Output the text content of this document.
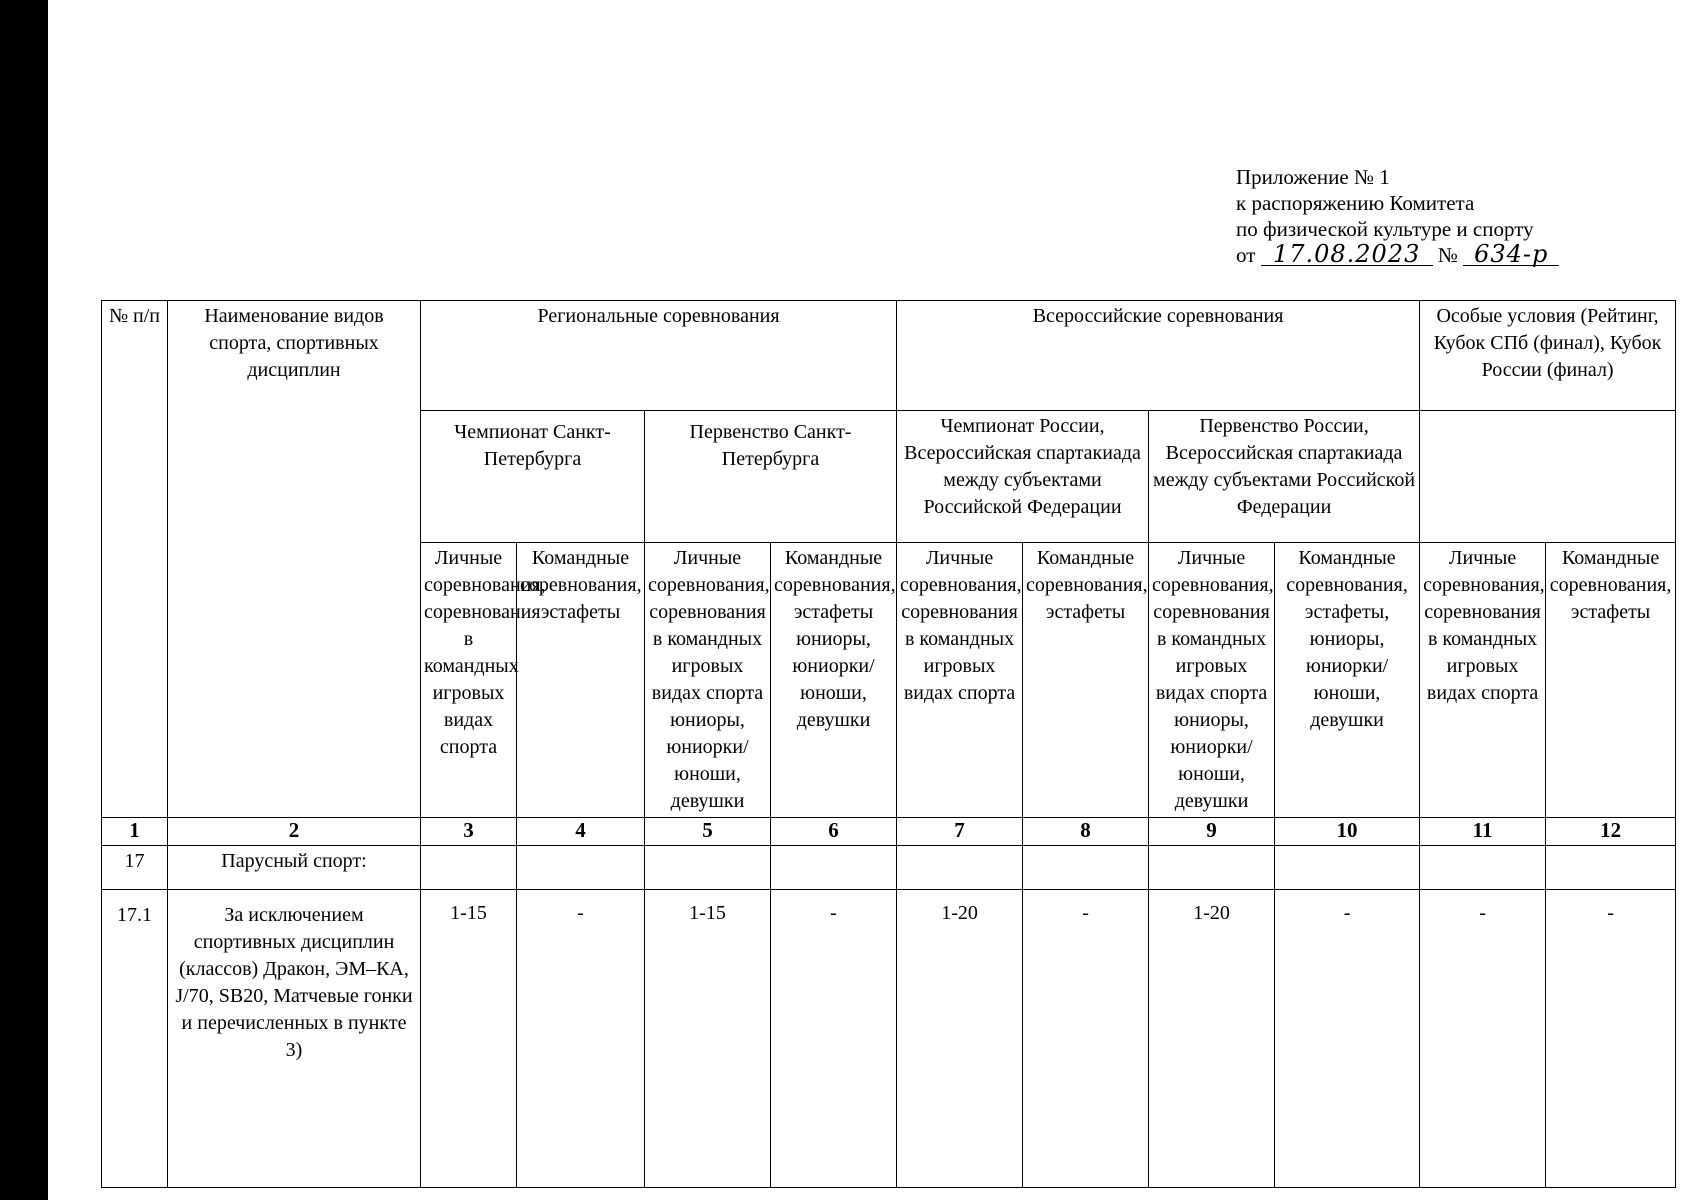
Приложение № 1
к распоряжению Комитета
по физической культуре и спорту
от 17.08.2023 № 634-р
№ п/п	Наименование видов спорта, спортивных дисциплин	Региональные соревнования				Всероссийские соревнования				Особые условия (Рейтинг, Кубок СПб (финал), Кубок России (финал)	
		Чемпионат Санкт-Петербурга		Первенство Санкт-Петербурга		Чемпионат России, Всероссийская спартакиада между субъектами Российской Федерации		Первенство России, Всероссийская спартакиада между субъектами Российской Федерации			
		Личные соревнования, соревнования в командных игровых видах спорта	Командные соревнования, эстафеты	Личные соревнования, соревнования в командных игровых видах спорта юниоры, юниорки/ юноши, девушки	Командные соревнования, эстафеты юниоры, юниорки/ юноши, девушки	Личные соревнования, соревнования в командных игровых видах спорта	Командные соревнования, эстафеты	Личные соревнования, соревнования в командных игровых видах спорта юниоры, юниорки/ юноши, девушки	Командные соревнования, эстафеты, юниоры, юниорки/ юноши, девушки	Личные соревнования, соревнования в командных игровых видах спорта	Командные соревнования, эстафеты
1	2	3	4	5	6	7	8	9	10	11	12
17	Парусный спорт:										
17.1	За исключением спортивных дисциплин (классов) Дракон, ЭМ–КА, J/70, SB20, Матчевые гонки и перечисленных в пункте 3)	1-15	-	1-15	-	1-20	-	1-20	-	-	-
